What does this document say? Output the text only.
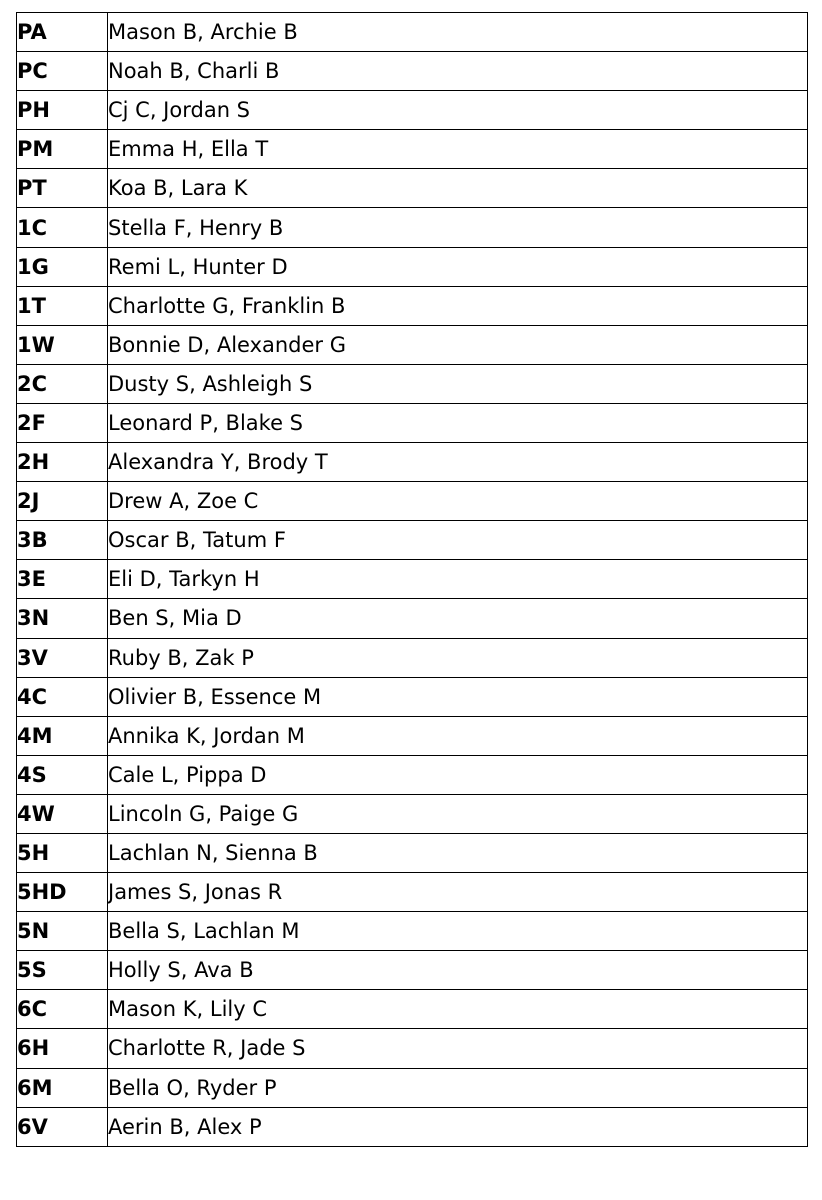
PA	Mason B, Archie B
PC	Noah B, Charli B
PH	Cj C, Jordan S
PM	Emma H, Ella T
PT	Koa B, Lara K
1C	Stella F, Henry B
1G	Remi L, Hunter D
1T	Charlotte G, Franklin B
1W	Bonnie D, Alexander G
2C	Dusty S, Ashleigh S
2F	Leonard P, Blake S
2H	Alexandra Y, Brody T
2J	Drew A, Zoe C
3B	Oscar B, Tatum F
3E	Eli D, Tarkyn H
3N	Ben S, Mia D
3V	Ruby B, Zak P
4C	Olivier B, Essence M
4M	Annika K, Jordan M
4S	Cale L, Pippa D
4W	Lincoln G, Paige G
5H	Lachlan N, Sienna B
5HD	James S, Jonas R
5N	Bella S, Lachlan M
5S	Holly S, Ava B
6C	Mason K, Lily C
6H	Charlotte R, Jade S
6M	Bella O, Ryder P
6V	Aerin B, Alex P
